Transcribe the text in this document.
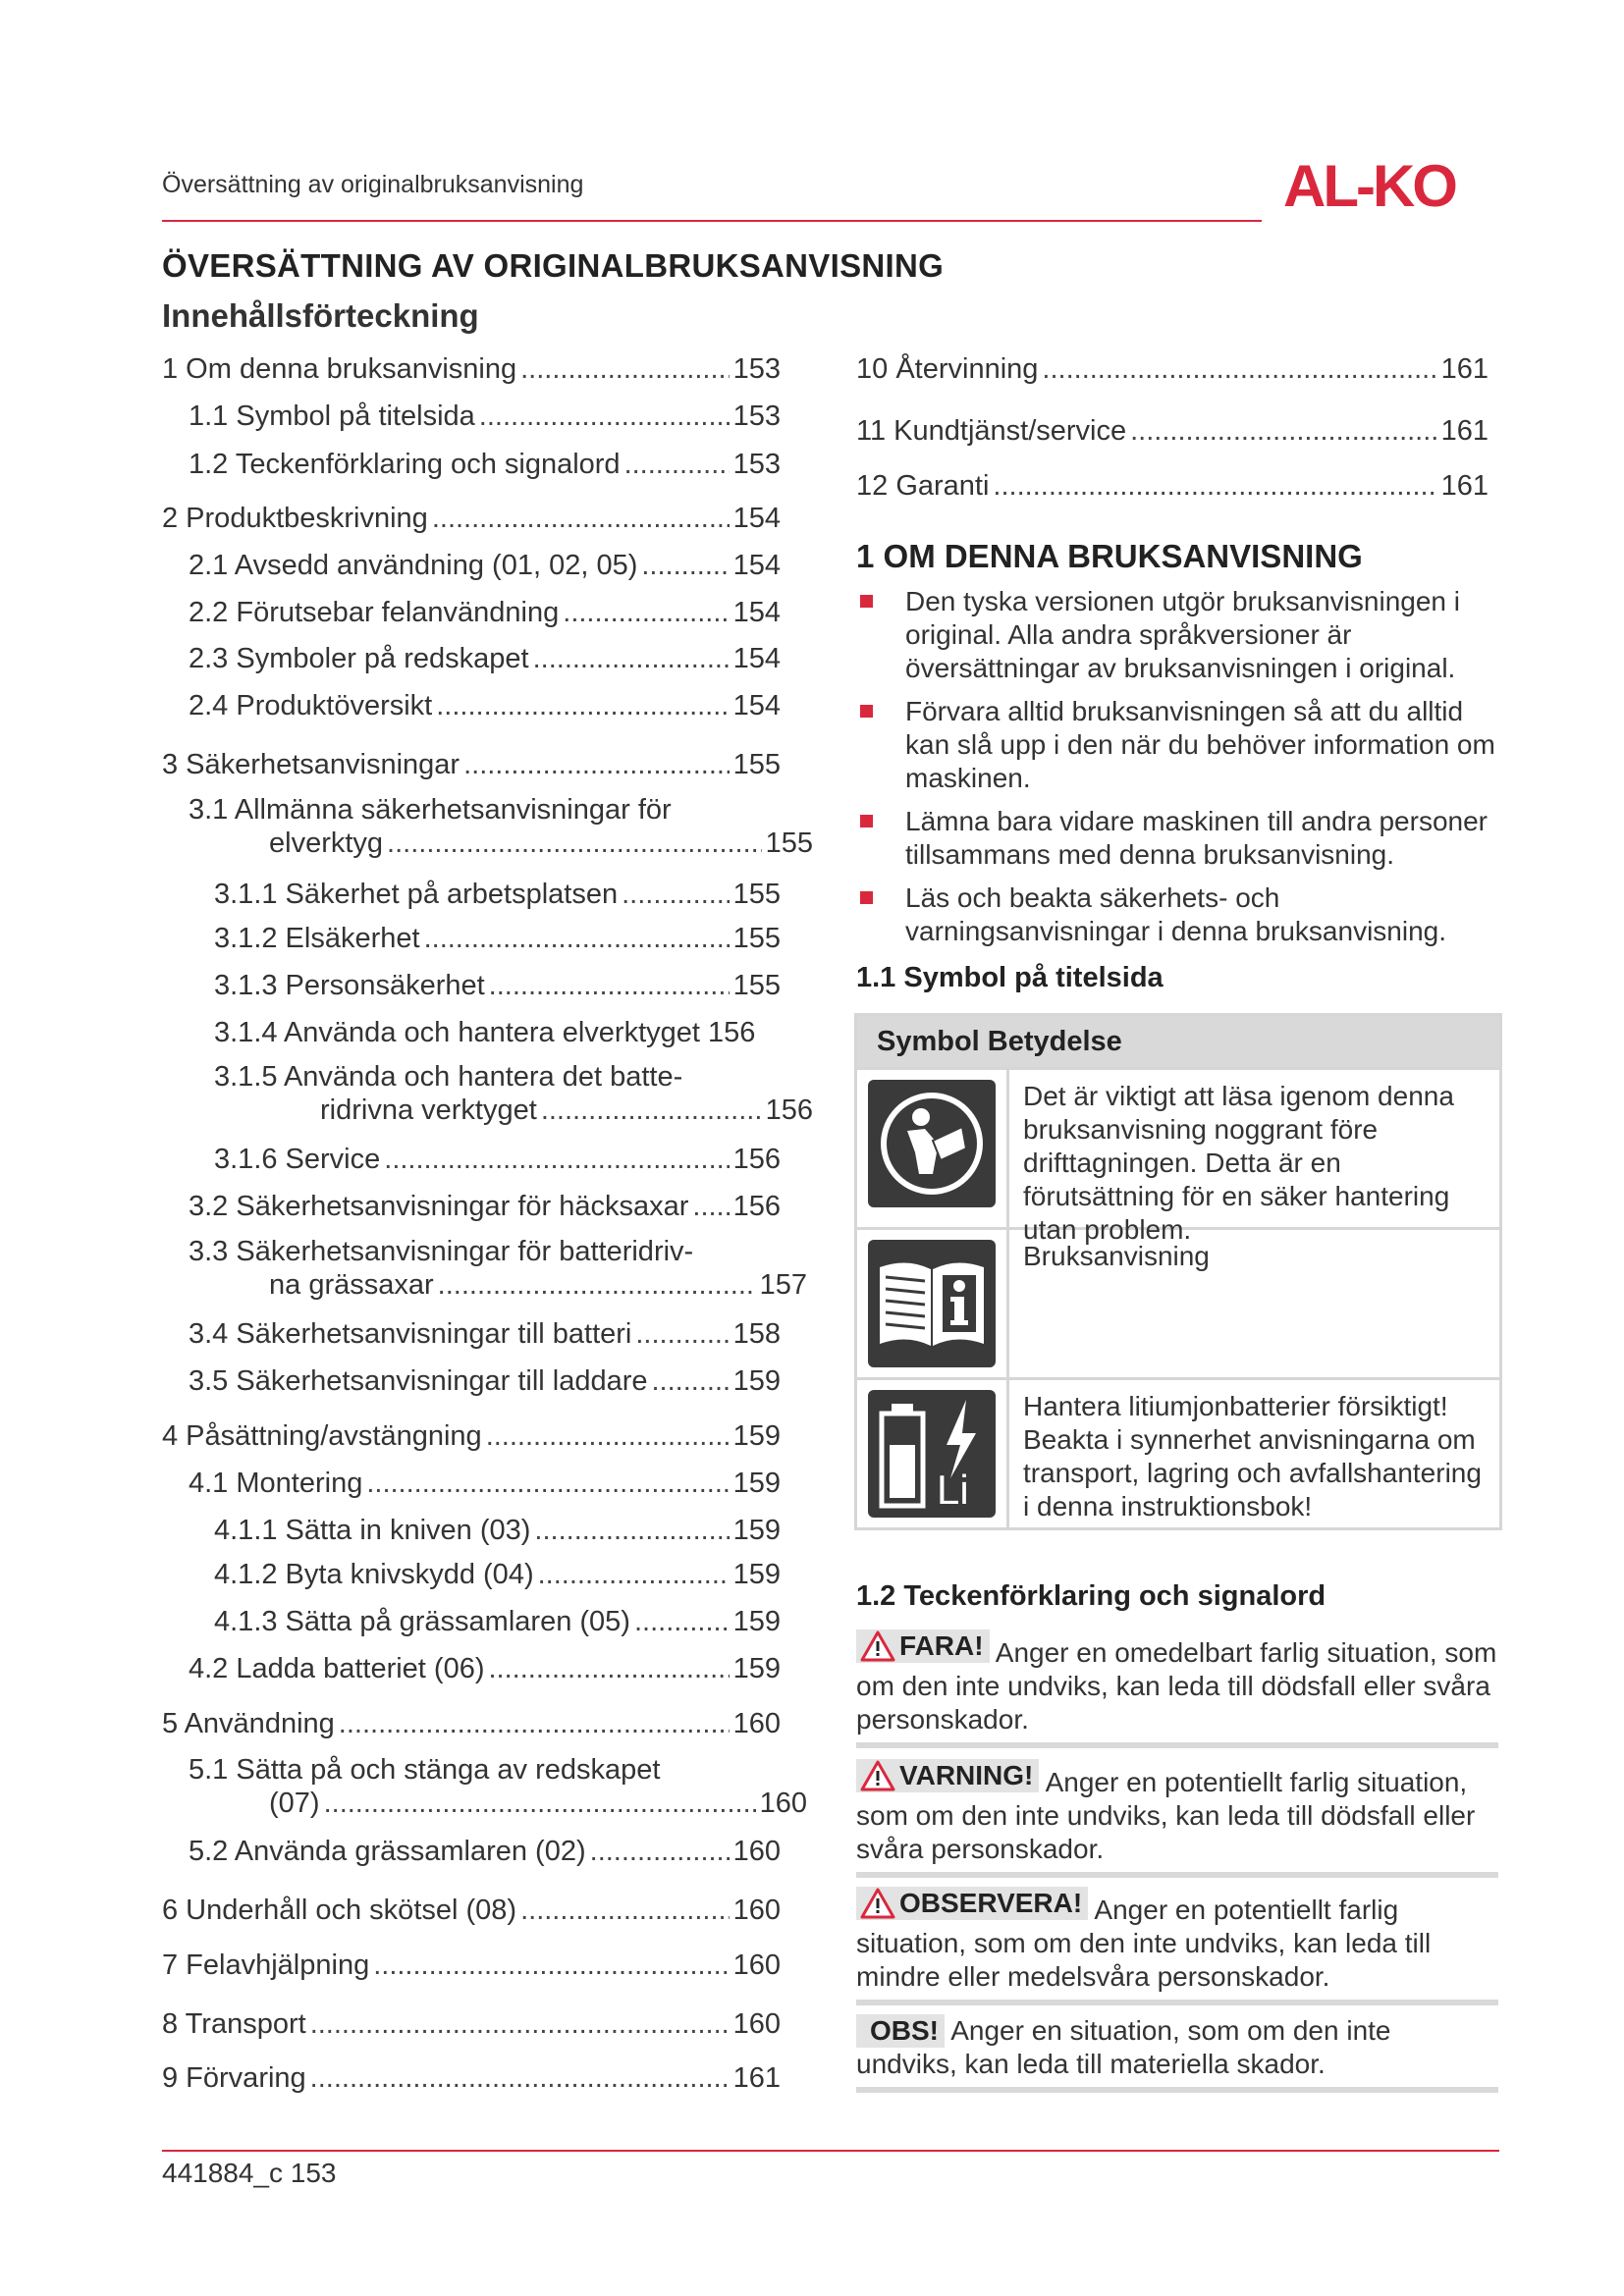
Översättning av originalbruksanvisning	AL-KO
ÖVERSÄTTNING AV ORIGINALBRUKSANVISNING
Innehållsförteckning
1 Om denna bruksanvisning .....	153
1.1 Symbol på titelsida .....	153
1.2 Teckenförklaring och signalord .....	153
2 Produktbeskrivning .....	154
2.1 Avsedd användning (01, 02, 05) .....	154
2.2 Förutsebar felanvändning .....	154
2.3 Symboler på redskapet .....	154
2.4 Produktöversikt .....	154
3 Säkerhetsanvisningar .....	155
3.1 Allmänna säkerhetsanvisningar för
elverktyg .....	155
3.1.1 Säkerhet på arbetsplatsen .....	155
3.1.2 Elsäkerhet .....	155
3.1.3 Personsäkerhet .....	155
3.1.4 Använda och hantera elverktyget 156
3.1.5 Använda och hantera det batte-
ridrivna verktyget .....	156
3.1.6 Service .....	156
3.2 Säkerhetsanvisningar för häcksaxar ..... 156
3.3 Säkerhetsanvisningar för batteridriv-
na grässaxar .....	157
3.4 Säkerhetsanvisningar till batteri .....	158
3.5 Säkerhetsanvisningar till laddare .....	159
4 Påsättning/avstängning .....	159
4.1 Montering .....	159
4.1.1 Sätta in kniven (03) .....	159
4.1.2 Byta knivskydd (04) .....	159
4.1.3 Sätta på grässamlaren (05) .....	159
4.2 Ladda batteriet (06) .....	159
5 Användning .....	160
5.1 Sätta på och stänga av redskapet
(07) .....	160
5.2 Använda grässamlaren (02) .....	160
6 Underhåll och skötsel (08) .....	160
7 Felavhjälpning .....	160
8 Transport .....	160
9 Förvaring .....	161
10 Återvinning .....	161
11 Kundtjänst/service .....	161
12 Garanti .....	161
1 OM DENNA BRUKSANVISNING
Den tyska versionen utgör bruksanvisningen i original. Alla andra språkversioner är översättningar av bruksanvisningen i original.
Förvara alltid bruksanvisningen så att du alltid kan slå upp i den när du behöver information om maskinen.
Lämna bara vidare maskinen till andra personer tillsammans med denna bruksanvisning.
Läs och beakta säkerhets- och varningsanvisningar i denna bruksanvisning.
1.1 Symbol på titelsida
Symbol Betydelse
Det är viktigt att läsa igenom denna bruksanvisning noggrant före drifttagningen. Detta är en förutsättning för en säker hantering utan problem.
Bruksanvisning
Li
Hantera litiumjonbatterier försiktigt! Beakta i synnerhet anvisningarna om transport, lagring och avfallshantering i denna instruktionsbok!
1.2 Teckenförklaring och signalord
FARA! Anger en omedelbart farlig situation, som om den inte undviks, kan leda till dödsfall eller svåra personskador.
VARNING! Anger en potentiellt farlig situation, som om den inte undviks, kan leda till dödsfall eller svåra personskador.
OBSERVERA! Anger en potentiellt farlig situation, som om den inte undviks, kan leda till mindre eller medelsvåra personskador.
OBS! Anger en situation, som om den inte undviks, kan leda till materiella skador.
441884_c 153
